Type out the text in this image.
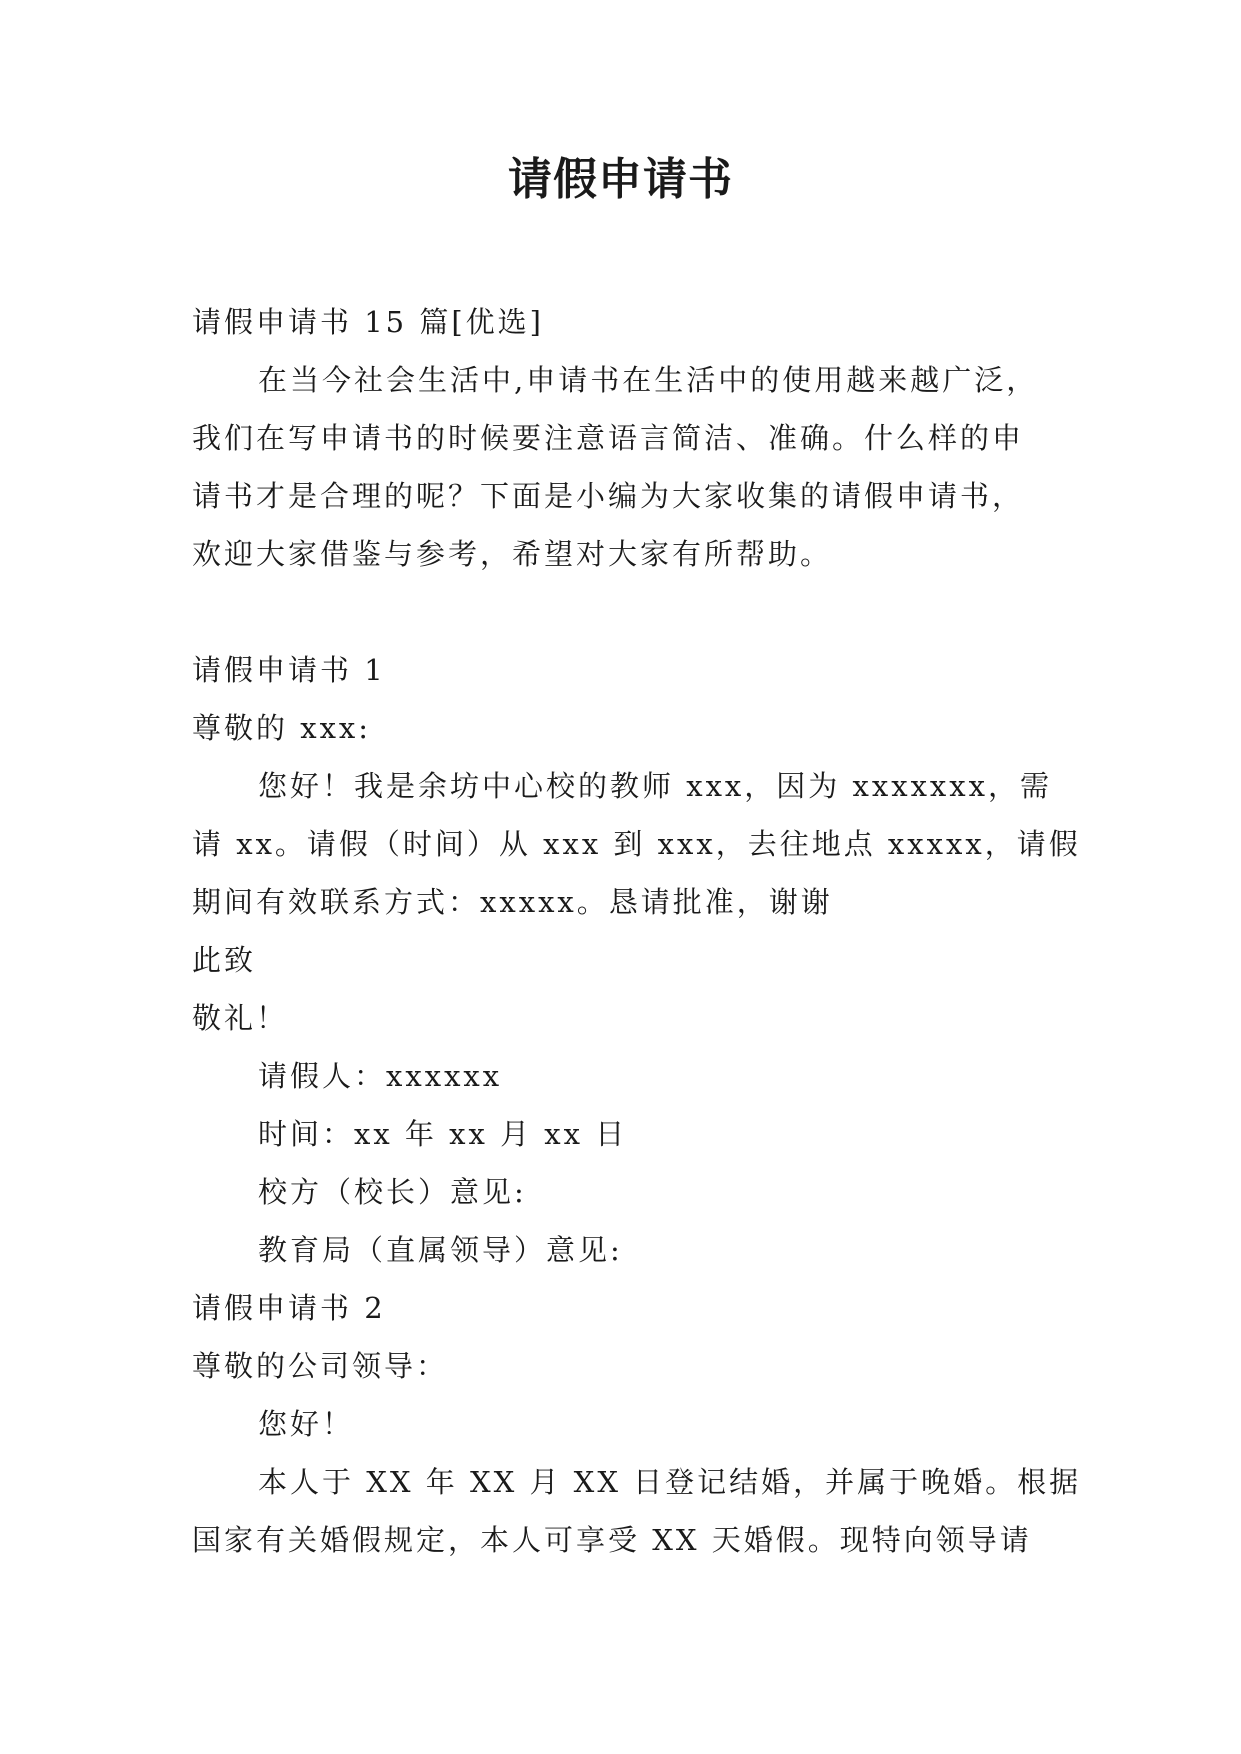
请假申请书
请假申请书 15 篇[优选]
在当今社会生活中,申请书在生活中的使用越来越广泛，
我们在写申请书的时候要注意语言简洁、准确。什么样的申
请书才是合理的呢？下面是小编为大家收集的请假申请书，
欢迎大家借鉴与参考，希望对大家有所帮助。
请假申请书 1
尊敬的 xxx:
您好！我是余坊中心校的教师 xxx，因为 xxxxxxx，需
请 xx。请假（时间）从 xxx 到 xxx，去往地点 xxxxx，请假
期间有效联系方式：xxxxx。恳请批准，谢谢
此致
敬礼！
请假人：xxxxxx
时间：xx 年 xx 月 xx 日
校方（校长）意见:
教育局（直属领导）意见:
请假申请书 2
尊敬的公司领导：
您好！
本人于 XX 年 XX 月 XX 日登记结婚，并属于晚婚。根据
国家有关婚假规定，本人可享受 XX 天婚假。现特向领导请
